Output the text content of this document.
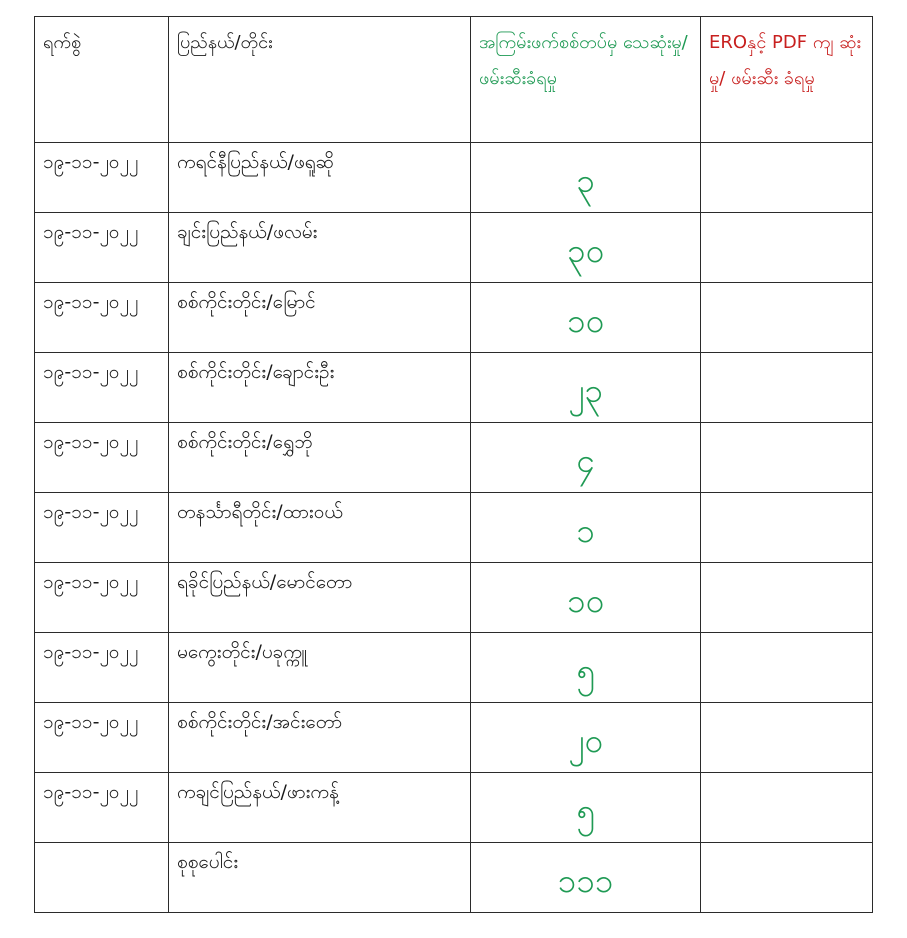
ရက်စွဲ	ပြည်နယ်/တိုင်း	အကြမ်းဖက်စစ်တပ်မှ သေဆုံးမှု/ ဖမ်းဆီးခံရမှု	EROနှင့် PDF ကျ ဆုံးမှု/ ဖမ်းဆီး ခံရမှု

၁၉-၁၁-၂၀၂၂	ကရင်နီပြည်နယ်/ဖရူဆို	၃	

၁၉-၁၁-၂၀၂၂	ချင်းပြည်နယ်/ဖလမ်း	၃၀	

၁၉-၁၁-၂၀၂၂	စစ်ကိုင်းတိုင်း/မြောင်	၁၀	

၁၉-၁၁-၂၀၂၂	စစ်ကိုင်းတိုင်း/ချောင်းဦး	၂၃	

၁၉-၁၁-၂၀၂၂	စစ်ကိုင်းတိုင်း/ရွှေဘို	၄	

၁၉-၁၁-၂၀၂၂	တနင်္သာရီတိုင်း/ထားဝယ်	၁	

၁၉-၁၁-၂၀၂၂	ရခိုင်ပြည်နယ်/မောင်တော	၁၀	

၁၉-၁၁-၂၀၂၂	မကွေးတိုင်း/ပခုက္ကူ	၅	

၁၉-၁၁-၂၀၂၂	စစ်ကိုင်းတိုင်း/အင်းတော်	၂၀	

၁၉-၁၁-၂၀၂၂	ကချင်ပြည်နယ်/ဖားကန့်	၅	

	စုစုပေါင်း	၁၁၁	
